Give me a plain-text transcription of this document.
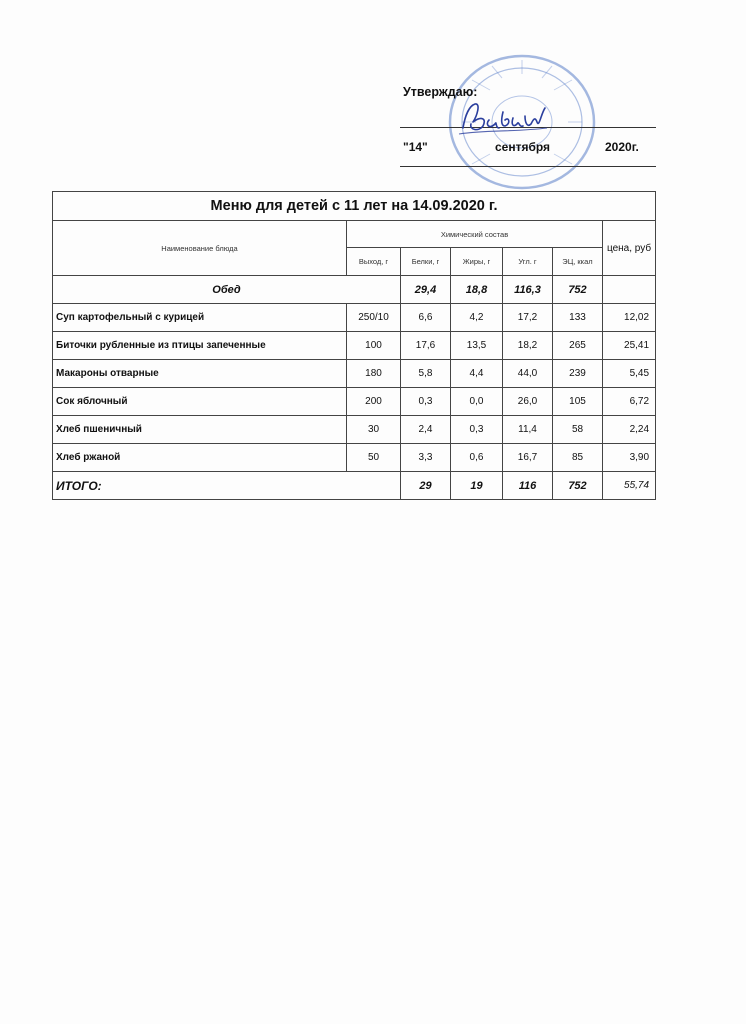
Утверждаю:
"14"	сентября	2020г.
Меню для детей с 11 лет на 14.09.2020 г.						
Наименование блюда	Химический состав					цена, руб
	Выход, г	Белки, г	Жиры, г	Угл. г	ЭЦ, ккал	
Обед		29,4	18,8	116,3	752	
Суп картофельный с курицей	250/10	6,6	4,2	17,2	133	12,02
Биточки рубленные из птицы запеченные	100	17,6	13,5	18,2	265	25,41
Макароны отварные	180	5,8	4,4	44,0	239	5,45
Сок яблочный	200	0,3	0,0	26,0	105	6,72
Хлеб пшеничный	30	2,4	0,3	11,4	58	2,24
Хлеб ржаной	50	3,3	0,6	16,7	85	3,90
ИТОГО:		29	19	116	752	55,74
